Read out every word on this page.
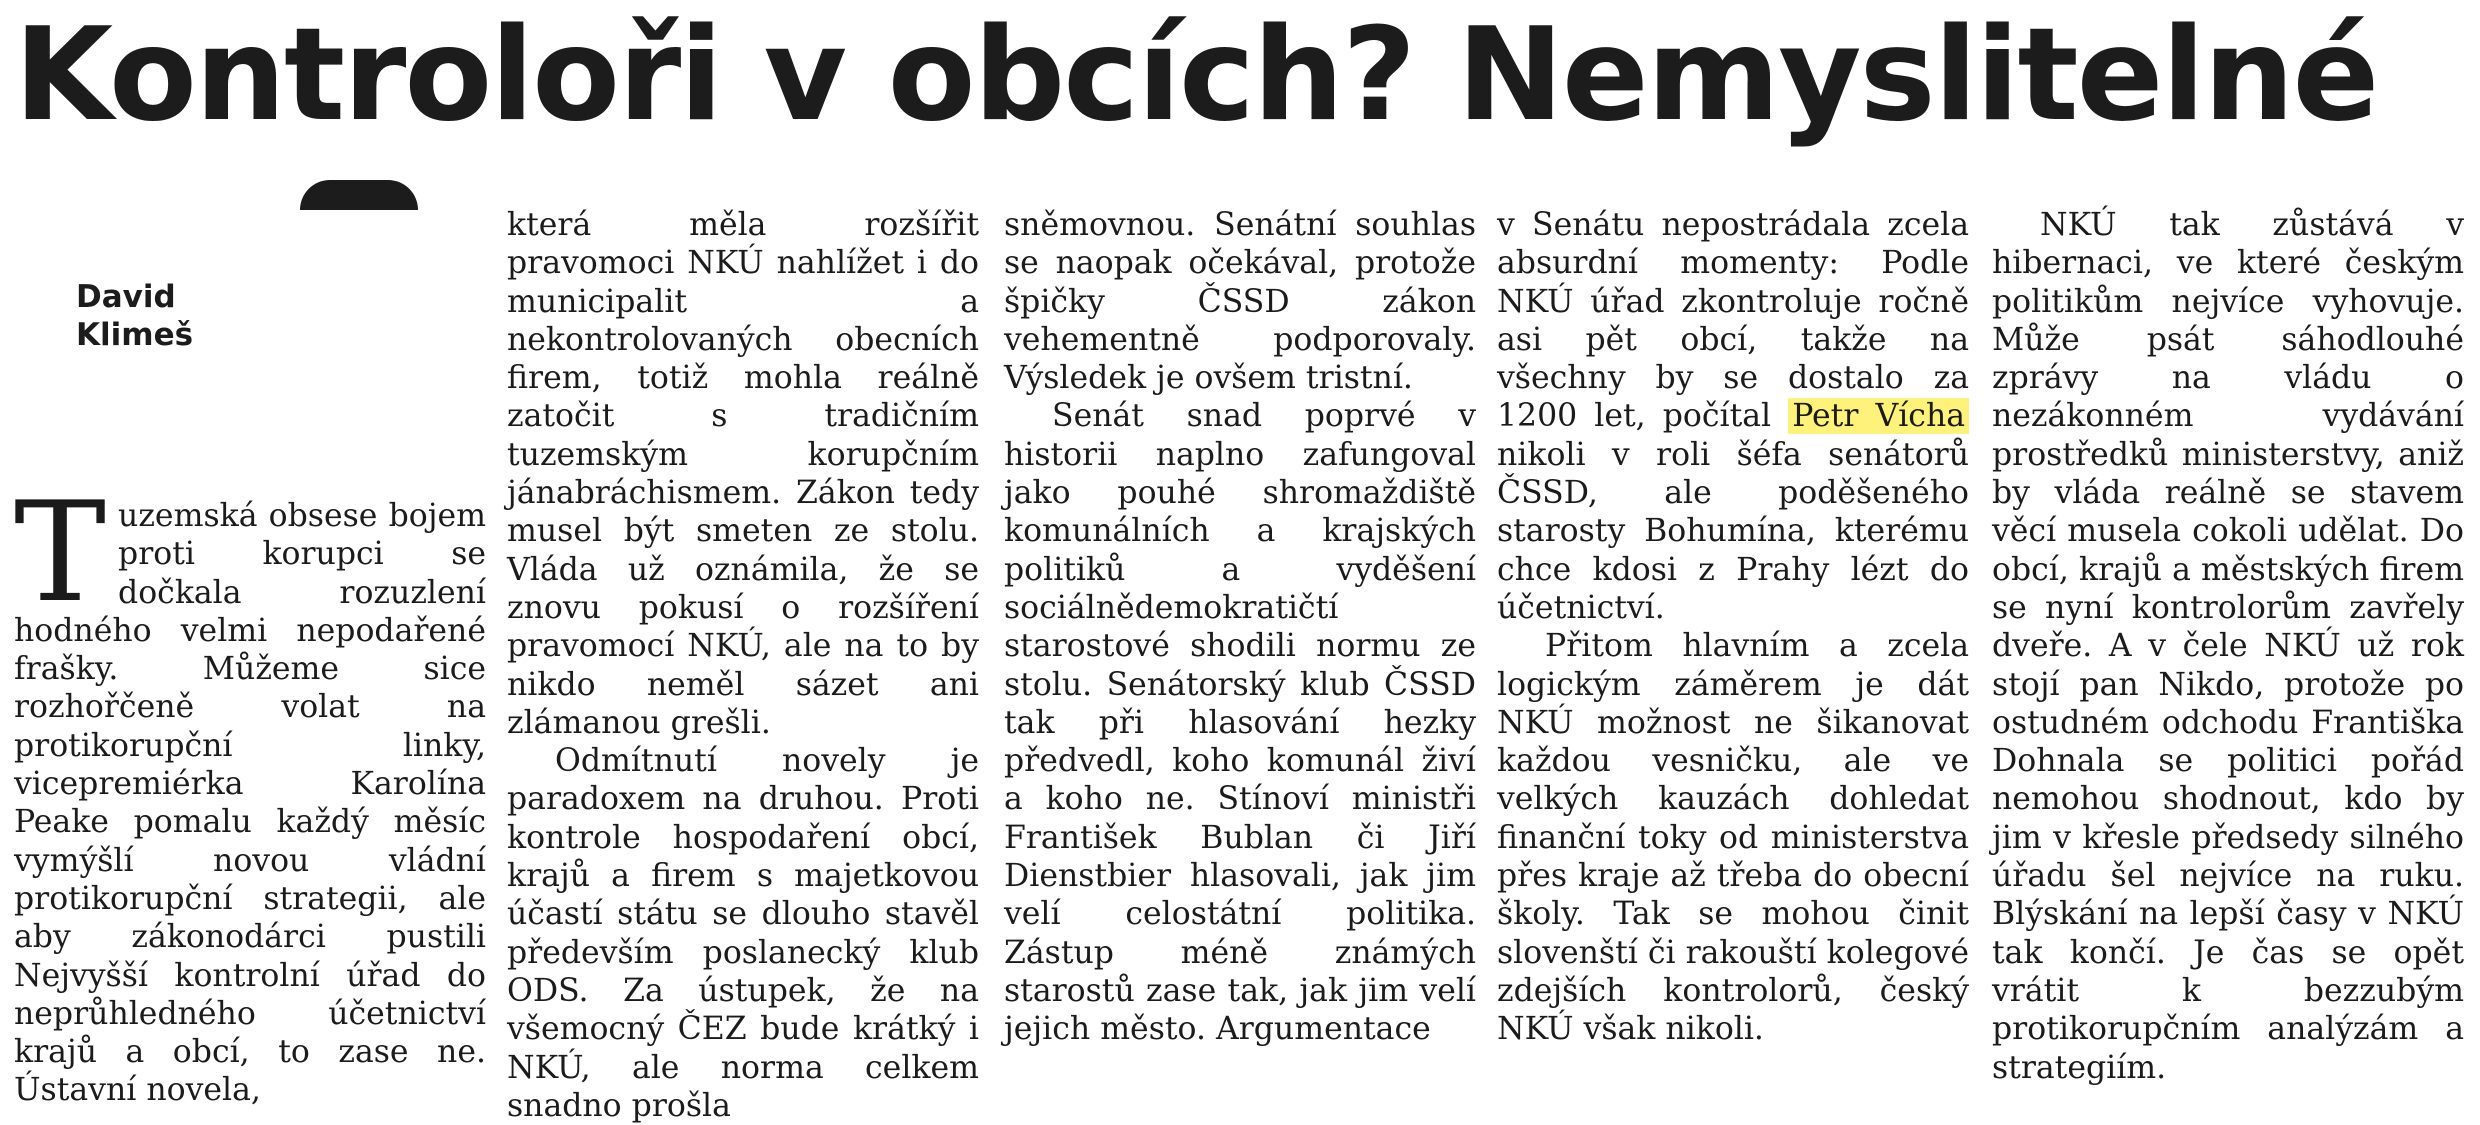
Kontroloři v obcích? Nemyslitelné
David
Klimeš

Tuzemská obsese bojem proti korupci se dočkala rozuzlení hodného velmi nepodařené frašky. Můžeme sice rozhořčeně volat na protikorupční linky, vicepremiérka Karolína Peake pomalu každý měsíc vymýšlí novou vládní protikorupční strategii, ale aby zákonodárci pustili Nejvyšší kontrolní úřad do neprůhledného účetnictví krajů a obcí, to zase ne. Ústavní novela,

která měla rozšířit pravomoci NKÚ nahlížet i do municipalit a nekontrolovaných obecních firem, totiž mohla reálně zatočit s tradičním tuzemským korupčním jánabráchismem. Zákon tedy musel být smeten ze stolu. Vláda už oznámila, že se znovu pokusí o rozšíření pravomocí NKÚ, ale na to by nikdo neměl sázet ani zlámanou grešli.

Odmítnutí novely je paradoxem na druhou. Proti kontrole hospodaření obcí, krajů a firem s majetkovou účastí státu se dlouho stavěl především poslanecký klub ODS. Za ústupek, že na všemocný ČEZ bude krátký i NKÚ, ale norma celkem snadno prošla

sněmovnou. Senátní souhlas se naopak očekával, protože špičky ČSSD zákon vehementně podporovaly. Výsledek je ovšem tristní.

Senát snad poprvé v historii naplno zafungoval jako pouhé shromaždiště komunálních a krajských politiků a vyděšení sociálnědemokratičtí starostové shodili normu ze stolu. Senátorský klub ČSSD tak při hlasování hezky předvedl, koho komunál živí a koho ne. Stínoví ministři František Bublan či Jiří Dienstbier hlasovali, jak jim velí celostátní politika. Zástup méně známých starostů zase tak, jak jim velí jejich město. Argumentace

v Senátu nepostrádala zcela absurdní momenty: Podle NKÚ úřad zkontroluje ročně asi pět obcí, takže na všechny by se dostalo za 1200 let, počítal Petr Vícha nikoli v roli šéfa senátorů ČSSD, ale poděšeného starosty Bohumína, kterému chce kdosi z Prahy lézt do účetnictví.

Přitom hlavním a zcela logickým záměrem je dát NKÚ možnost ne šikanovat každou vesničku, ale ve velkých kauzách dohledat finanční toky od ministerstva přes kraje až třeba do obecní školy. Tak se mohou činit slovenští či rakouští kolegové zdejších kontrolorů, český NKÚ však nikoli.

NKÚ tak zůstává v hibernaci, ve které českým politikům nejvíce vyhovuje. Může psát sáhodlouhé zprávy na vládu o nezákonném vydávání prostředků ministerstvy, aniž by vláda reálně se stavem věcí musela cokoli udělat. Do obcí, krajů a městských firem se nyní kontrolorům zavřely dveře. A v čele NKÚ už rok stojí pan Nikdo, protože po ostudném odchodu Františka Dohnala se politici pořád nemohou shodnout, kdo by jim v křesle předsedy silného úřadu šel nejvíce na ruku. Blýskání na lepší časy v NKÚ tak končí. Je čas se opět vrátit k bezzubým protikorupčním analýzám a strategiím.
